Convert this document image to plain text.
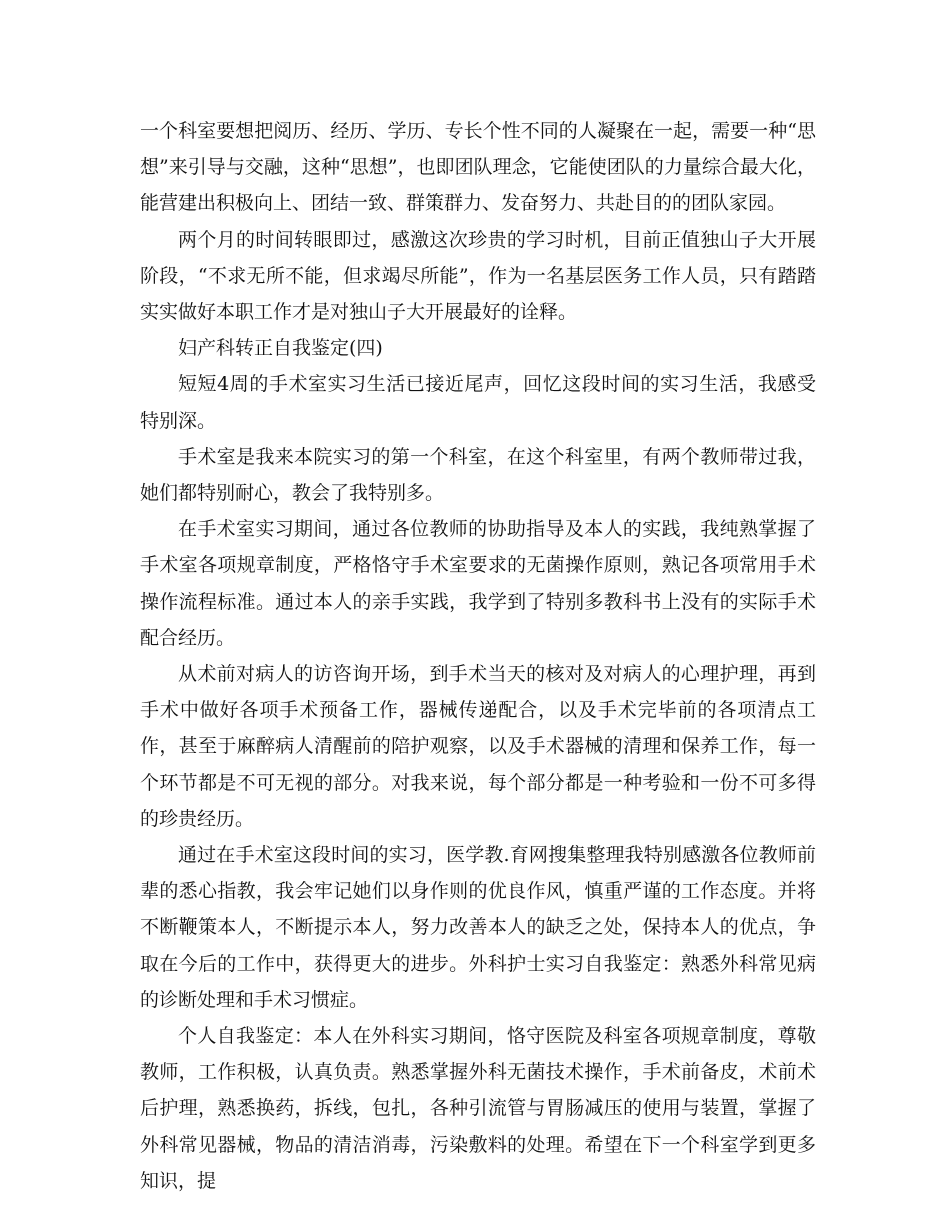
一个科室要想把阅历、经历、学历、专长个性不同的人凝聚在一起，需要一种“思想”来引导与交融，这种“思想”，也即团队理念，它能使团队的力量综合最大化，能营建出积极向上、团结一致、群策群力、发奋努力、共赴目的的团队家园。

两个月的时间转眼即过，感激这次珍贵的学习时机，目前正值独山子大开展阶段，“不求无所不能，但求竭尽所能”，作为一名基层医务工作人员，只有踏踏实实做好本职工作才是对独山子大开展最好的诠释。

妇产科转正自我鉴定(四)

短短4周的手术室实习生活已接近尾声，回忆这段时间的实习生活，我感受特别深。

手术室是我来本院实习的第一个科室，在这个科室里，有两个教师带过我，她们都特别耐心，教会了我特别多。

在手术室实习期间，通过各位教师的协助指导及本人的实践，我纯熟掌握了手术室各项规章制度，严格恪守手术室要求的无菌操作原则，熟记各项常用手术操作流程标准。通过本人的亲手实践，我学到了特别多教科书上没有的实际手术配合经历。

从术前对病人的访咨询开场，到手术当天的核对及对病人的心理护理，再到手术中做好各项手术预备工作，器械传递配合，以及手术完毕前的各项清点工作，甚至于麻醉病人清醒前的陪护观察，以及手术器械的清理和保养工作，每一个环节都是不可无视的部分。对我来说，每个部分都是一种考验和一份不可多得的珍贵经历。

通过在手术室这段时间的实习，医学教.育网搜集整理我特别感激各位教师前辈的悉心指教，我会牢记她们以身作则的优良作风，慎重严谨的工作态度。并将不断鞭策本人，不断提示本人，努力改善本人的缺乏之处，保持本人的优点，争取在今后的工作中，获得更大的进步。外科护士实习自我鉴定：熟悉外科常见病的诊断处理和手术习惯症。

个人自我鉴定：本人在外科实习期间，恪守医院及科室各项规章制度，尊敬教师，工作积极，认真负责。熟悉掌握外科无菌技术操作，手术前备皮，术前术后护理，熟悉换药，拆线，包扎，各种引流管与胃肠减压的使用与装置，掌握了外科常见器械，物品的清洁消毒，污染敷料的处理。希望在下一个科室学到更多知识，提
